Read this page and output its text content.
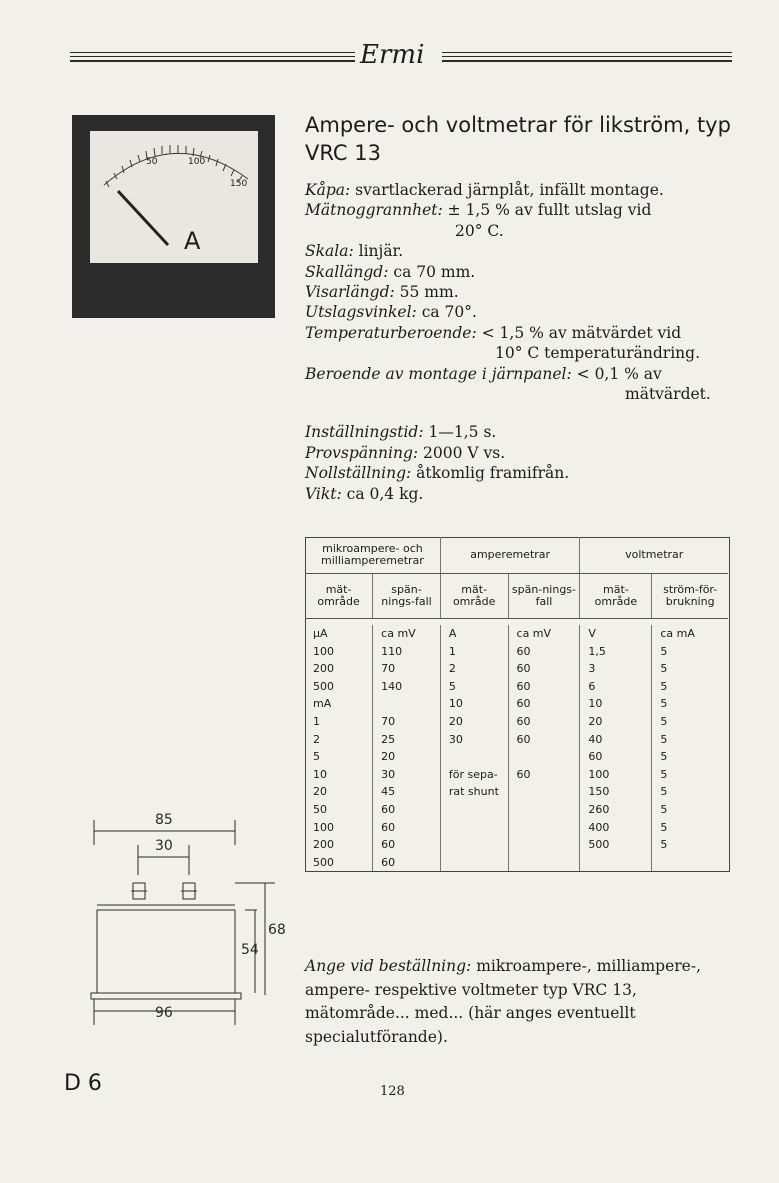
Ermi
50	100
150
A
Ampere- och voltmetrar för likström, typ
VRC 13
Kåpa: svartlackerad järnplåt, infällt montage.
Mätnoggrannhet: ± 1,5 % av fullt utslag vid
20° C.
Skala: linjär.
Skallängd: ca 70 mm.
Visarlängd: 55 mm.
Utslagsvinkel: ca 70°.
Temperaturberoende: < 1,5 % av mätvärdet vid
10° C temperaturändring.
Beroende av montage i järnpanel: < 0,1 % av
mätvärdet.
Inställningstid: 1—1,5 s.
Provspänning: 2000 V vs.
Nollställning: åtkomlig framifrån.
Vikt: ca 0,4 kg.
mikroampere- och milliamperemetrar		amperemetrar		voltmetrar	
mät-område	spän-nings-fall	mät-område	spän-nings-fall	mät-område	ström-för-brukning

µA	ca mV	A	ca mV	V	ca mA
100	110	1	60	1,5	5
200	70	2	60	3	5
500	140	5	60	6	5
mA		10	60	10	5
1	70	20	60	20	5
2	25	30	60	40	5
5	20			60	5
10	30	för sepa-	60	100	5
20	45	rat shunt		150	5
50	60			260	5
100	60			400	5
200	60			500	5
500	60				
85
30
68
54
96
Ange vid beställning: mikroampere-, milliampere-, ampere- respektive voltmeter typ VRC 13, mätområde... med... (här anges eventuellt specialutförande).
D 6	128
